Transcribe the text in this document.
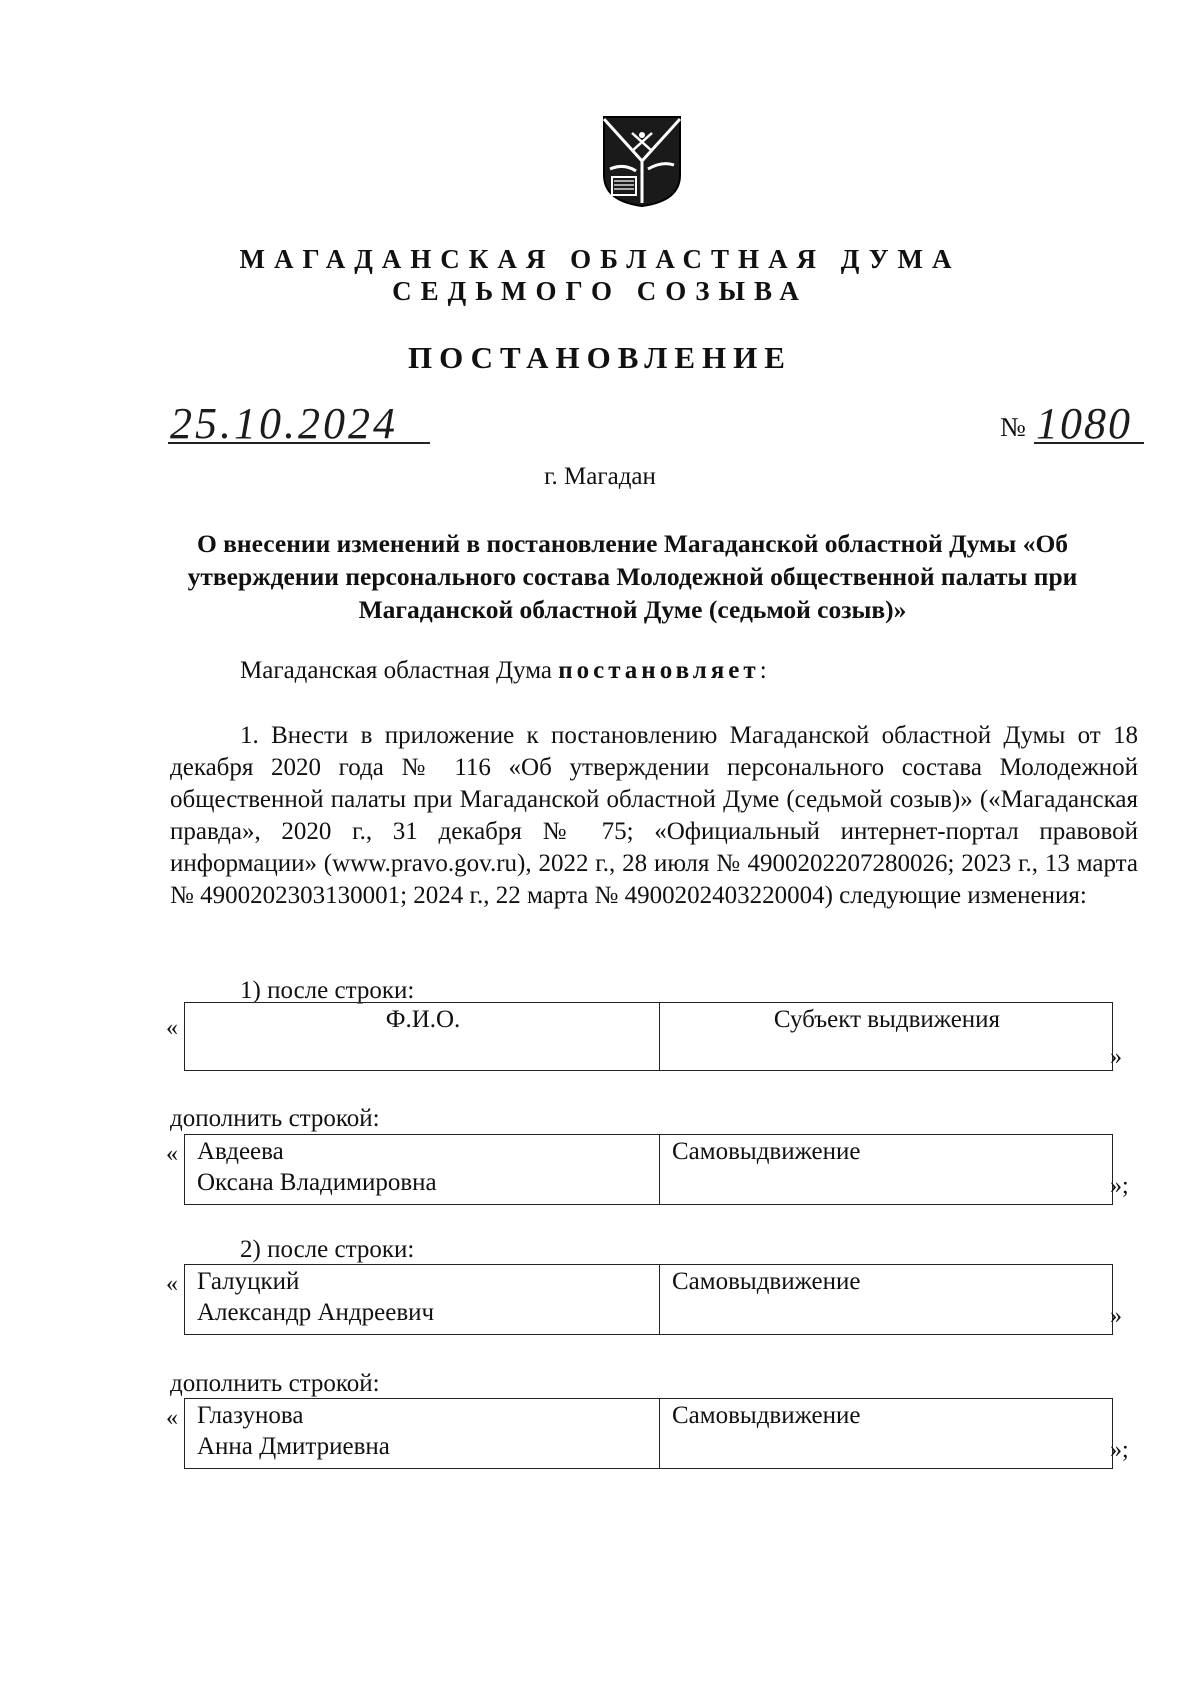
МАГАДАНСКАЯ ОБЛАСТНАЯ ДУМА
СЕДЬМОГО СОЗЫВА
ПОСТАНОВЛЕНИЕ
25.10.2024	№ 1080
г. Магадан
О внесении изменений в постановление Магаданской областной Думы «Об утверждении персонального состава Молодежной общественной палаты при Магаданской областной Думе (седьмой созыв)»
Магаданская областная Дума постановляет:
1. Внести в приложение к постановлению Магаданской областной Думы от 18 декабря 2020 года № 116 «Об утверждении персонального состава Молодежной общественной палаты при Магаданской областной Думе (седьмой созыв)» («Магаданская правда», 2020 г., 31 декабря № 75; «Официальный интернет-портал правовой информации» (www.pravo.gov.ru), 2022 г., 28 июля № 4900202207280026; 2023 г., 13 марта № 4900202303130001; 2024 г., 22 марта № 4900202403220004) следующие изменения:
1) после строки:
«	Ф.И.О.	Субъект выдвижения
»
дополнить строкой:
« Авдеева
Оксана Владимировна	Самовыдвижение
»;
2) после строки:
« Галуцкий
Александр Андреевич	Самовыдвижение
»
дополнить строкой:
« Глазунова
Анна Дмитриевна	Самовыдвижение
»;
